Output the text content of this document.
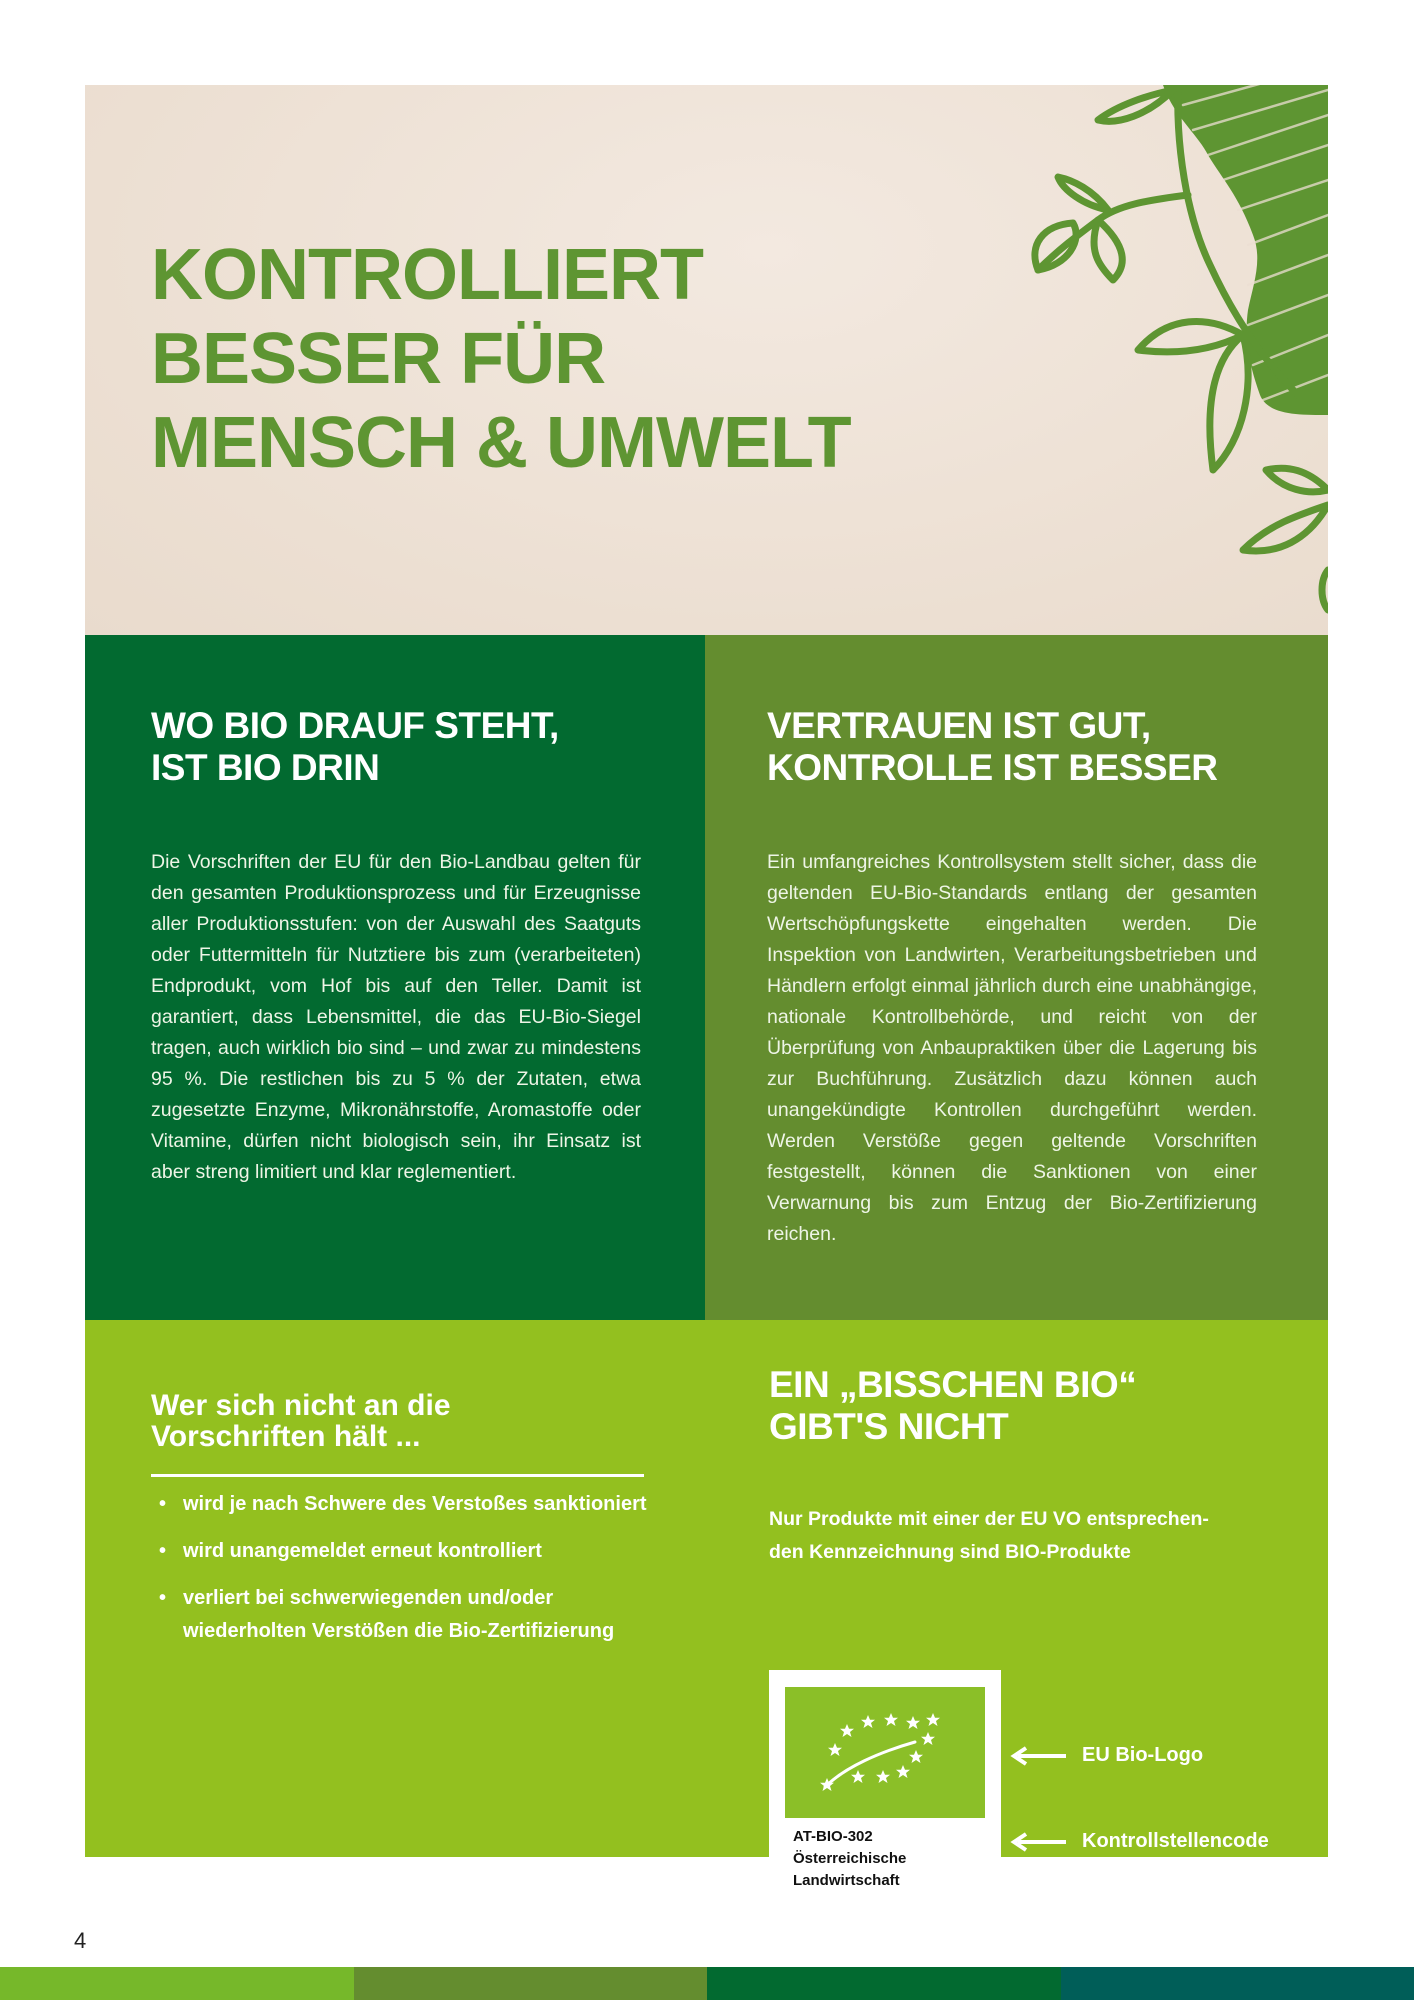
KONTROLLIERT
BESSER FÜR
MENSCH & UMWELT
WO BIO DRAUF STEHT,
IST BIO DRIN

Die Vorschriften der EU für den Bio-Landbau gelten für den gesamten Produktionsprozess und für Erzeugnisse aller Produktionsstufen: von der Auswahl des Saatguts oder Futtermitteln für Nutztiere bis zum (verarbeiteten) Endprodukt, vom Hof bis auf den Teller. Damit ist garantiert, dass Lebensmittel, die das EU-Bio-Siegel tragen, auch wirklich bio sind – und zwar zu mindestens 95 %. Die restlichen bis zu 5 % der Zutaten, etwa zugesetzte Enzyme, Mikronährstoffe, Aromastoffe oder Vitamine, dürfen nicht biologisch sein, ihr Einsatz ist aber streng limitiert und klar reglementiert.

VERTRAUEN IST GUT,
KONTROLLE IST BESSER

Ein umfangreiches Kontrollsystem stellt sicher, dass die geltenden EU-Bio-Standards entlang der gesamten Wertschöpfungskette eingehalten werden. Die Inspektion von Landwirten, Verarbeitungsbetrieben und Händlern erfolgt einmal jährlich durch eine unabhängige, nationale Kontrollbehörde, und reicht von der Überprüfung von Anbaupraktiken über die Lagerung bis zur Buchführung. Zusätzlich dazu können auch unangekündigte Kontrollen durchgeführt werden. Werden Verstöße gegen geltende Vorschriften festgestellt, können die Sanktionen von einer Verwarnung bis zum Entzug der Bio-Zertifizierung reichen.

Wer sich nicht an die
Vorschriften hält ...
• wird je nach Schwere des Verstoßes sanktioniert
• wird unangemeldet erneut kontrolliert
• verliert bei schwerwiegenden und/oder wiederholten Verstößen die Bio-Zertifizierung
EIN „BISSCHEN BIO“
GIBT'S NICHT

Nur Produkte mit einer der EU VO entsprechen-
den Kennzeichnung sind BIO-Produkte

AT-BIO-302
Österreichische
Landwirtschaft

EU Bio-Logo
Kontrollstellencode
Herkunftshinweis
4
